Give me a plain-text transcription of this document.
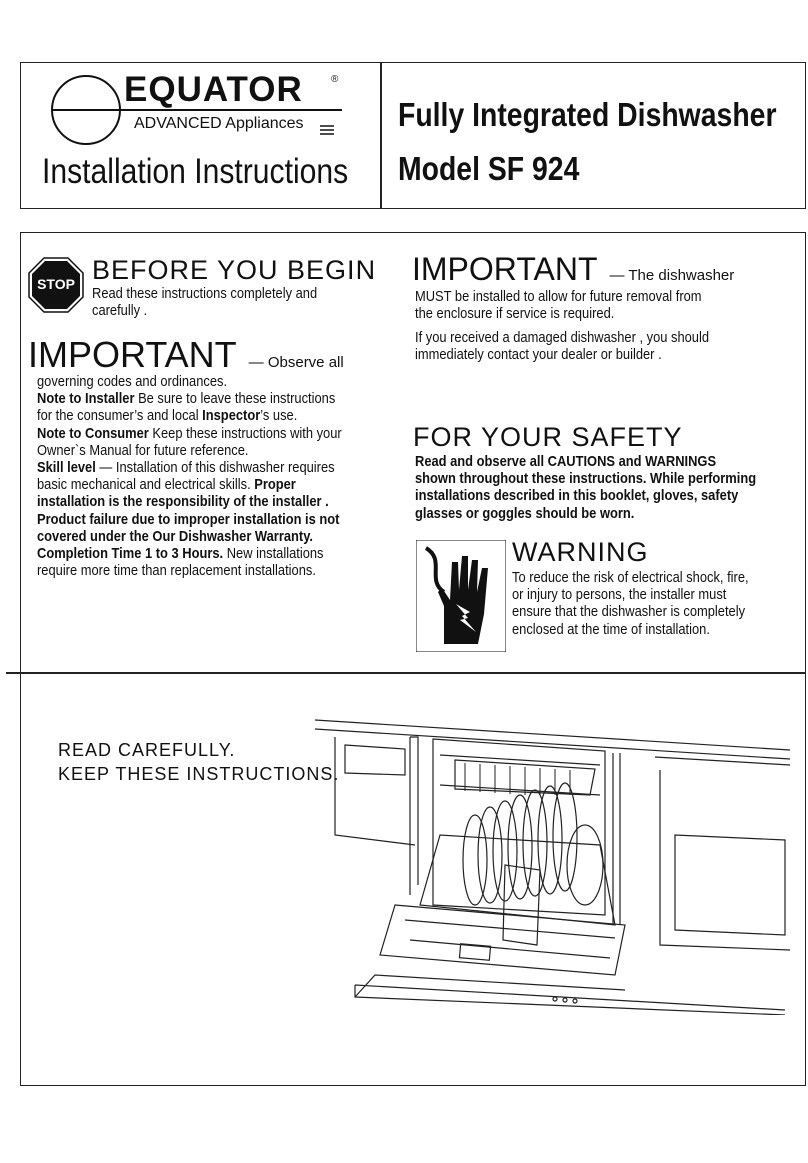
EQUATOR	®
ADVANCED Appliances
Installation Instructions
Fully Integrated Dishwasher
Model SF 924
STOP BEFORE YOU BEGIN
Read these instructions completely and
carefully .
IMPORTANT — Observe all
governing codes and ordinances.
Note to Installer Be sure to leave these instructions
for the consumer’s and local Inspector’s use.
Note to Consumer Keep these instructions with your
Owner`s Manual for future reference.
Skill level — Installation of this dishwasher requires
basic mechanical and electrical skills. Proper
installation is the responsibility of the installer .
Product failure due to improper installation is not
covered under the Our Dishwasher Warranty.
Completion Time 1 to 3 Hours. New installations
require more time than replacement installations.
IMPORTANT — The dishwasher
MUST be installed to allow for future removal from
the enclosure if service is required.
If you received a damaged dishwasher , you should
immediately contact your dealer or builder .
FOR YOUR SAFETY
Read and observe all CAUTIONS and WARNINGS
shown throughout these instructions. While performing
installations described in this booklet, gloves, safety
glasses or goggles should be worn.
WARNING
To reduce the risk of electrical shock, fire,
or injury to persons, the installer must
ensure that the dishwasher is completely
enclosed at the time of installation.
READ CAREFULLY.
KEEP THESE INSTRUCTIONS.
